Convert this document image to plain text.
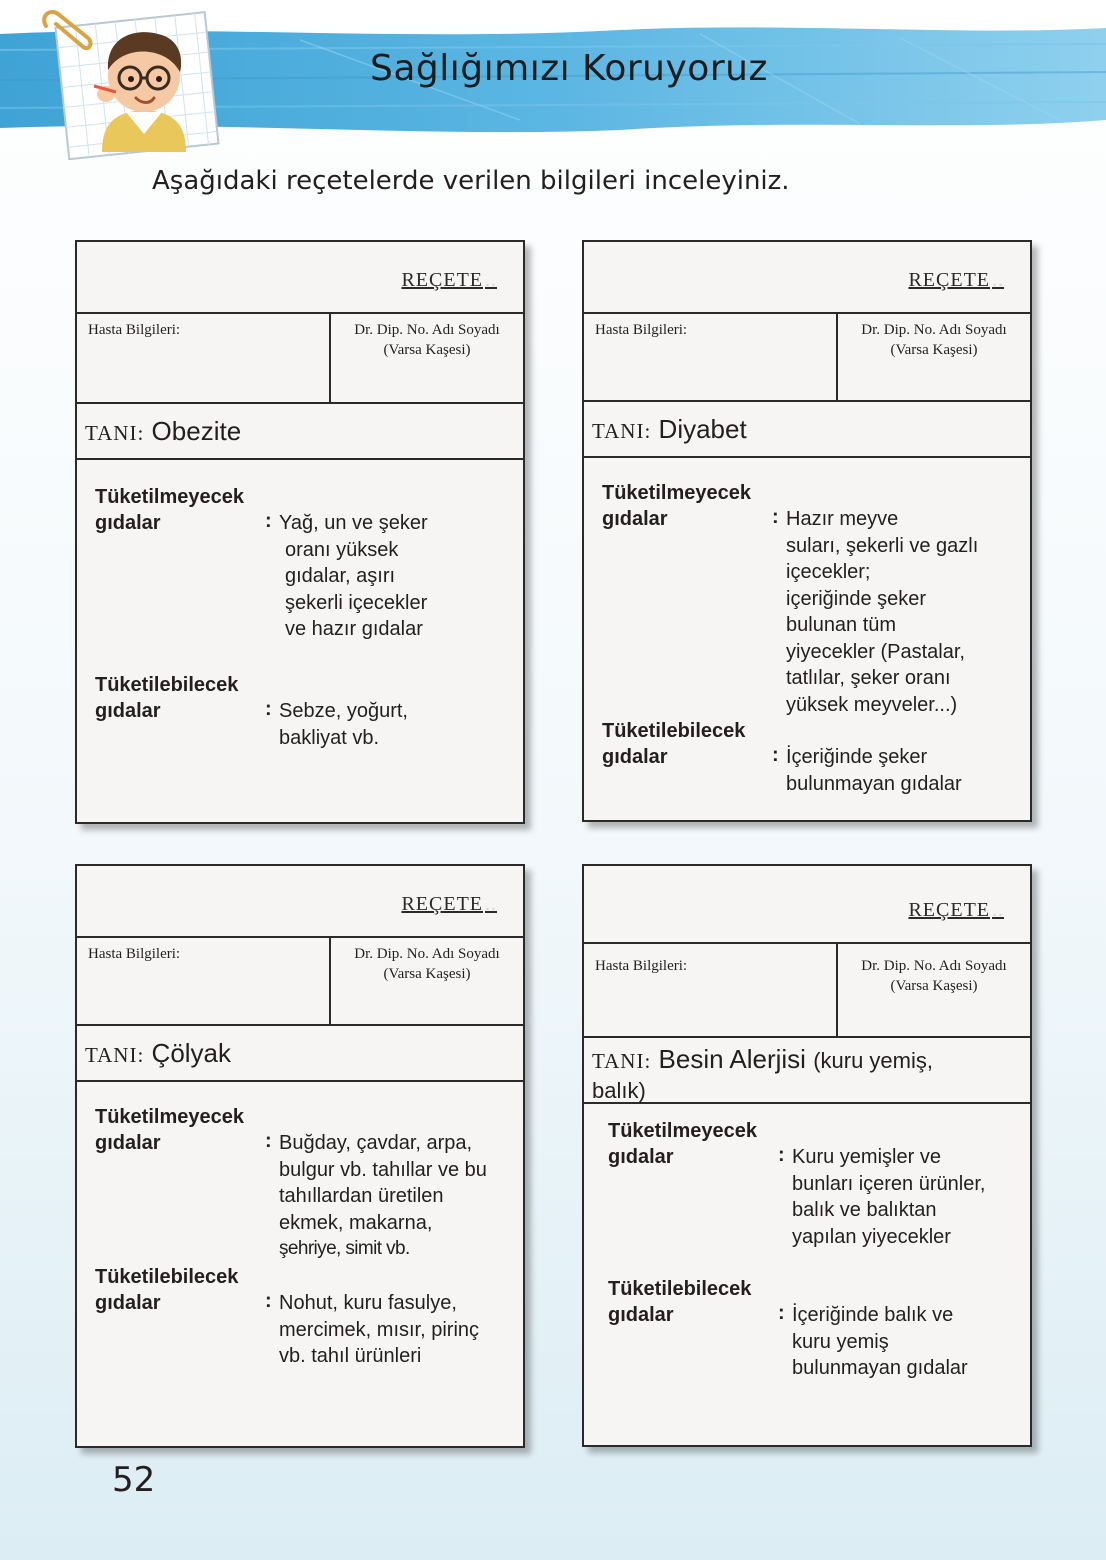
Sağlığımızı Koruyoruz

Aşağıdaki reçetelerde verilen bilgileri inceleyiniz.

REÇETE ..
Hasta Bilgileri:	Dr. Dip. No. Adı Soyadı
(Varsa Kaşesi)
TANI: Obezite
Tüketilmeyecek
gıdalar	: Yağ, un ve şeker
oranı yüksek
gıdalar, aşırı
şekerli içecekler
ve hazır gıdalar
Tüketilebilecek
gıdalar	: Sebze, yoğurt,
bakliyat vb.
REÇETE ..
Hasta Bilgileri:	Dr. Dip. No. Adı Soyadı
(Varsa Kaşesi)
TANI: Diyabet
Tüketilmeyecek
gıdalar	: Hazır meyve
suları, şekerli ve gazlı
içecekler;
içeriğinde şeker
bulunan tüm
yiyecekler (Pastalar,
tatlılar, şeker oranı
yüksek meyveler...)
Tüketilebilecek
gıdalar	: İçeriğinde şeker
bulunmayan gıdalar
REÇETE ..
Hasta Bilgileri:	Dr. Dip. No. Adı Soyadı
(Varsa Kaşesi)
TANI: Çölyak
Tüketilmeyecek
gıdalar	: Buğday, çavdar, arpa,
bulgur vb. tahıllar ve bu
tahıllardan üretilen
ekmek, makarna,
şehriye, simit vb.
Tüketilebilecek
gıdalar	: Nohut, kuru fasulye,
mercimek, mısır, pirinç
vb. tahıl ürünleri
REÇETE ..
Hasta Bilgileri:	Dr. Dip. No. Adı Soyadı
(Varsa Kaşesi)
TANI: Besin Alerjisi (kuru yemiş,
balık)
Tüketilmeyecek
gıdalar	: Kuru yemişler ve
bunları içeren ürünler,
balık ve balıktan
yapılan yiyecekler
Tüketilebilecek
gıdalar	: İçeriğinde balık ve
kuru yemiş
bulunmayan gıdalar
52
